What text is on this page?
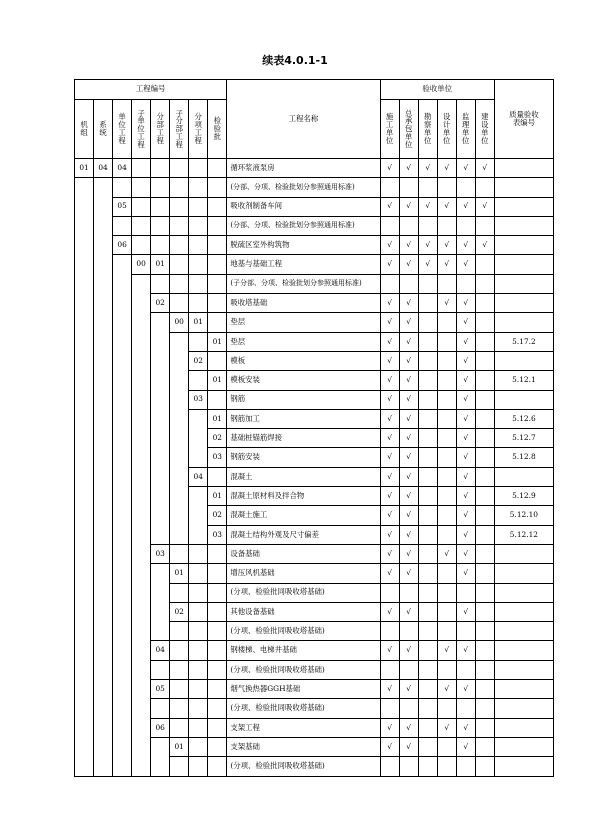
续表4.0.1-1
工程编号								工程名称	验收单位						质量验收表编号

机组	系统	单位工程	子单位工程	分部工程	子分部工程	分项工程	检验批		施工单位	总承包单位	勘察单位	设计单位	监理单位	建设单位	

01	04	04						循环浆液泵房	√	√	√	√	√	√	
								(分部、分项、检验批划分参照通用标准)							
		05						吸收剂制备车间	√	√	√	√	√	√	
								(分部、分项、检验批划分参照通用标准)							
		06						脱硫区室外构筑物	√	√	√	√	√	√	
			00	01				地基与基础工程	√	√	√	√	√		
								(子分部、分项、检验批划分参照通用标准)							
				02				吸收塔基础	√	√		√	√		
					00	01		垫层	√	√			√		
							01	垫层	√	√			√		5.17.2
						02		模板	√	√			√		
							01	模板安装	√	√			√		5.12.1
						03		钢筋	√	√			√		
							01	钢筋加工	√	√			√		5.12.6
							02	基础桩锚筋焊接	√	√			√		5.12.7
							03	钢筋安装	√	√			√		5.12.8
						04		混凝土	√	√			√		
							01	混凝土原材料及拌合物	√	√			√		5.12.9
							02	混凝土施工	√	√			√		5.12.10
							03	混凝土结构外观及尺寸偏差	√	√			√		5.12.12
				03				设备基础	√	√		√	√		
					01			增压风机基础	√	√			√		
								(分项、检验批同吸收塔基础)							
					02			其他设备基础	√	√			√		
								(分项、检验批同吸收塔基础)							
				04				钢楼梯、电梯井基础	√	√		√	√		
								(分项、检验批同吸收塔基础)							
				05				烟气换热器GGH基础	√	√		√	√		
								(分项、检验批同吸收塔基础)							
				06				支架工程	√	√		√	√		
					01			支架基础	√	√			√		
								(分项、检验批同吸收塔基础)							
